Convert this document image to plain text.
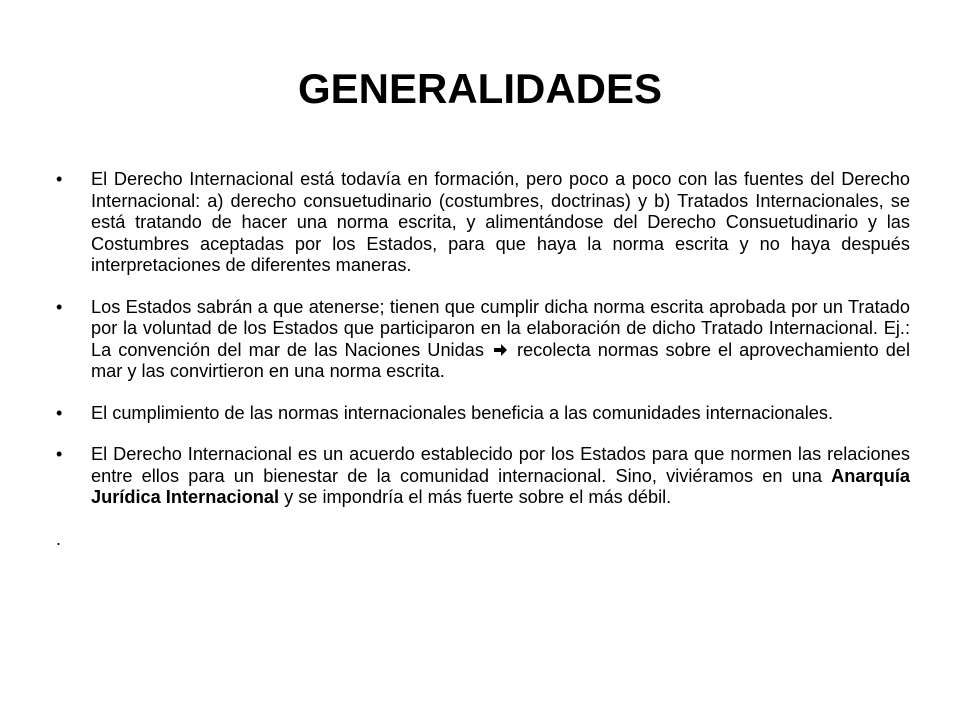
GENERALIDADES
•	El Derecho Internacional está todavía en formación, pero poco a poco con las fuentes del Derecho Internacional: a) derecho consuetudinario (costumbres, doctrinas) y b) Tratados Internacionales, se está tratando de hacer una norma escrita, y alimentándose del Derecho Consuetudinario y las Costumbres aceptadas por los Estados, para que haya la norma escrita y no haya después interpretaciones de diferentes maneras.
•	Los Estados sabrán a que atenerse; tienen que cumplir dicha norma escrita aprobada por un Tratado por la voluntad de los Estados que participaron en la elaboración de dicho Tratado Internacional. Ej.: La convención del mar de las Naciones Unidas recolecta normas sobre el aprovechamiento del mar y las convirtieron en una norma escrita.
•	El cumplimiento de las normas internacionales beneficia a las comunidades internacionales.
•	El Derecho Internacional es un acuerdo establecido por los Estados para que normen las relaciones entre ellos para un bienestar de la comunidad internacional. Sino, viviéramos en una Anarquía Jurídica Internacional y se impondría el más fuerte sobre el más débil.
.
